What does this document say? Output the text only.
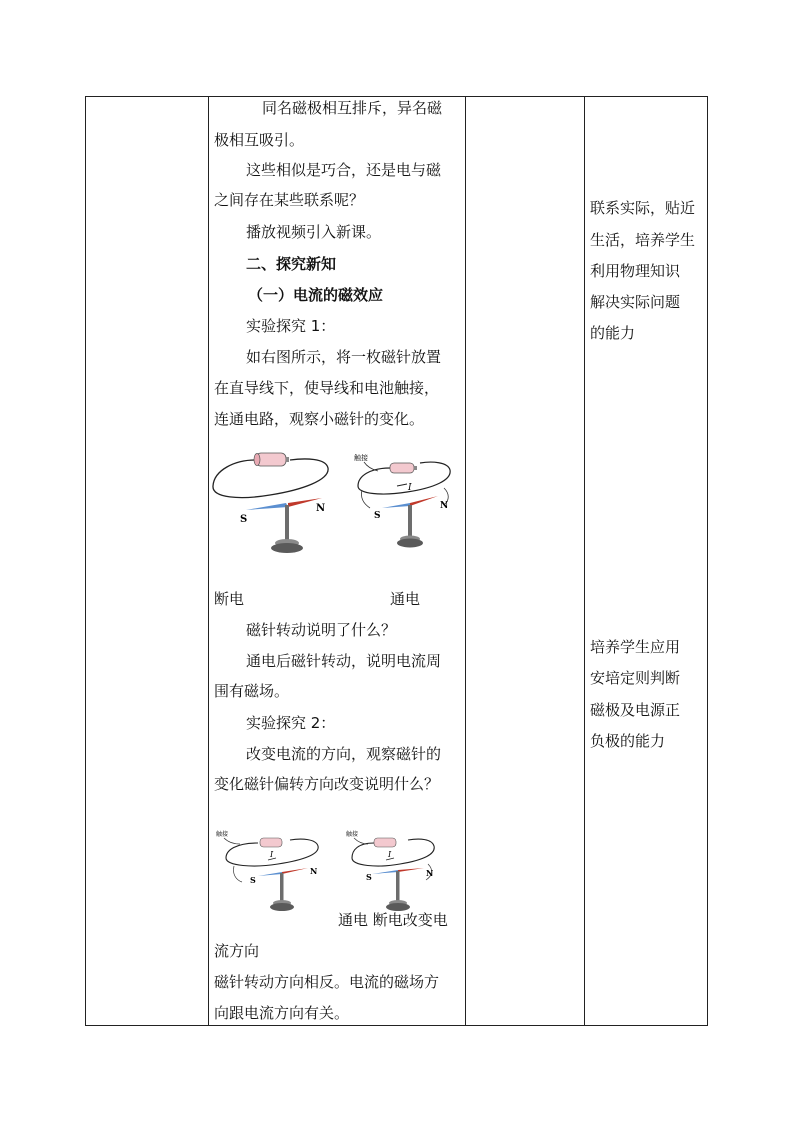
同名磁极相互排斥，异名磁
极相互吸引。
这些相似是巧合，还是电与磁
之间存在某些联系呢？
播放视频引入新课。
二、探究新知
（一）电流的磁效应
实验探究 1：
如右图所示，将一枚磁针放置
在直导线下，使导线和电池触接，
连通电路，观察小磁针的变化。
S
N
触接
I
S
N
断电	通电
磁针转动说明了什么？
通电后磁针转动，说明电流周
围有磁场。
实验探究 2：
改变电流的方向，观察磁针的
变化磁针偏转方向改变说明什么？
触接
I
S
N
触接
I
S	N
通电 断电改变电
流方向
磁针转动方向相反。电流的磁场方
向跟电流方向有关。
联系实际，贴近
生活，培养学生
利用物理知识
解决实际问题
的能力
培养学生应用
安培定则判断
磁极及电源正
负极的能力
